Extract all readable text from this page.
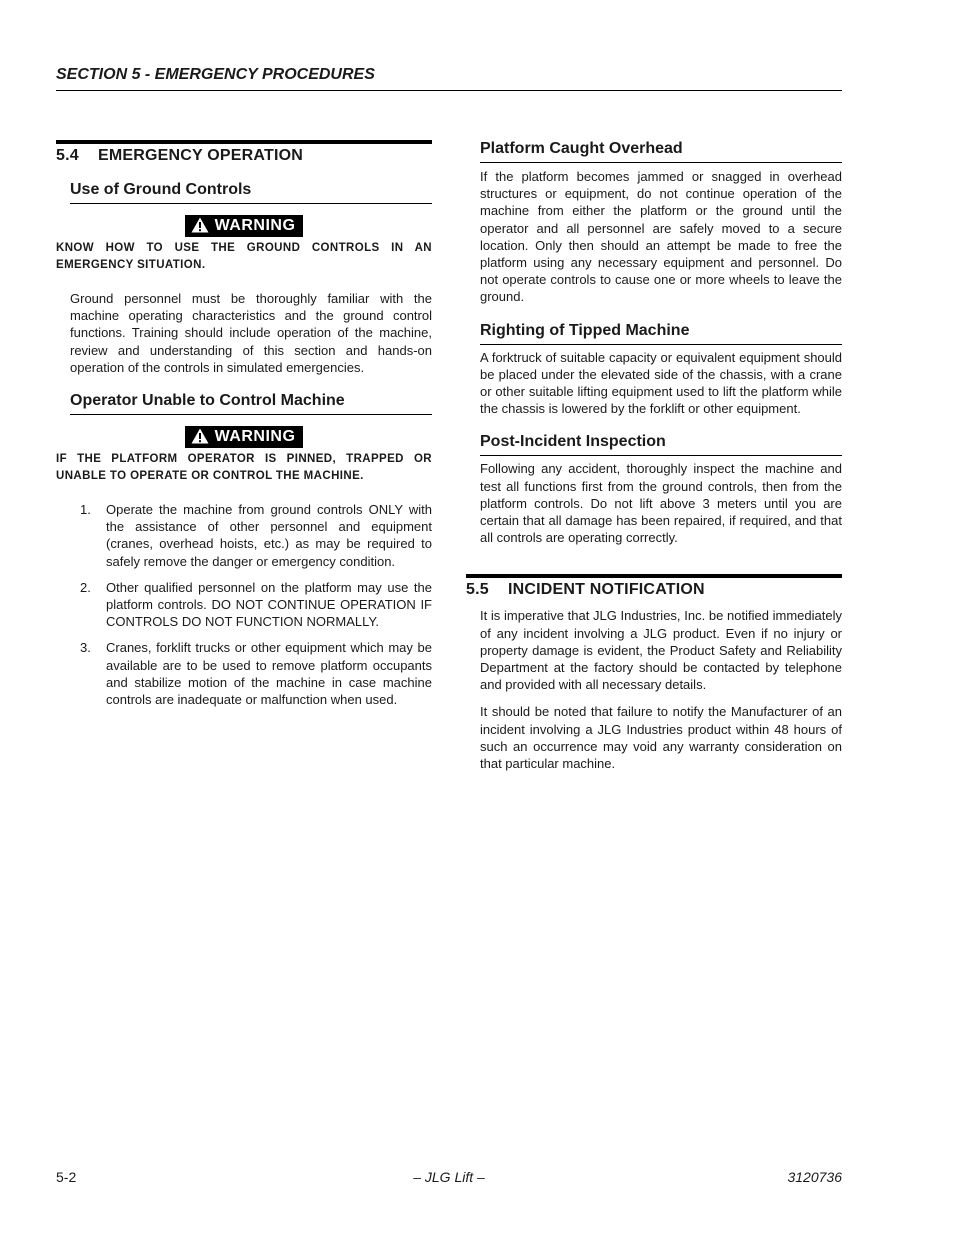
SECTION 5 - EMERGENCY PROCEDURES
5.4 EMERGENCY OPERATION
Use of Ground Controls
WARNING
KNOW HOW TO USE THE GROUND CONTROLS IN AN EMERGENCY SITUATION.
Ground personnel must be thoroughly familiar with the machine operating characteristics and the ground control functions. Training should include operation of the machine, review and understanding of this section and hands-on operation of the controls in simulated emergencies.
Operator Unable to Control Machine
WARNING
IF THE PLATFORM OPERATOR IS PINNED, TRAPPED OR UNABLE TO OPERATE OR CONTROL THE MACHINE.
1. Operate the machine from ground controls ONLY with the assistance of other personnel and equipment (cranes, overhead hoists, etc.) as may be required to safely remove the danger or emergency condition.
2. Other qualified personnel on the platform may use the platform controls. DO NOT CONTINUE OPERATION IF CONTROLS DO NOT FUNCTION NORMALLY.
3. Cranes, forklift trucks or other equipment which may be available are to be used to remove platform occupants and stabilize motion of the machine in case machine controls are inadequate or malfunction when used.
Platform Caught Overhead
If the platform becomes jammed or snagged in overhead structures or equipment, do not continue operation of the machine from either the platform or the ground until the operator and all personnel are safely moved to a secure location. Only then should an attempt be made to free the platform using any necessary equipment and personnel. Do not operate controls to cause one or more wheels to leave the ground.
Righting of Tipped Machine
A forktruck of suitable capacity or equivalent equipment should be placed under the elevated side of the chassis, with a crane or other suitable lifting equipment used to lift the platform while the chassis is lowered by the forklift or other equipment.
Post-Incident Inspection
Following any accident, thoroughly inspect the machine and test all functions first from the ground controls, then from the platform controls. Do not lift above 3 meters until you are certain that all damage has been repaired, if required, and that all controls are operating correctly.
5.5 INCIDENT NOTIFICATION
It is imperative that JLG Industries, Inc. be notified immediately of any incident involving a JLG product. Even if no injury or property damage is evident, the Product Safety and Reliability Department at the factory should be contacted by telephone and provided with all necessary details.
It should be noted that failure to notify the Manufacturer of an incident involving a JLG Industries product within 48 hours of such an occurrence may void any warranty consideration on that particular machine.
5-2	– JLG Lift –	3120736
